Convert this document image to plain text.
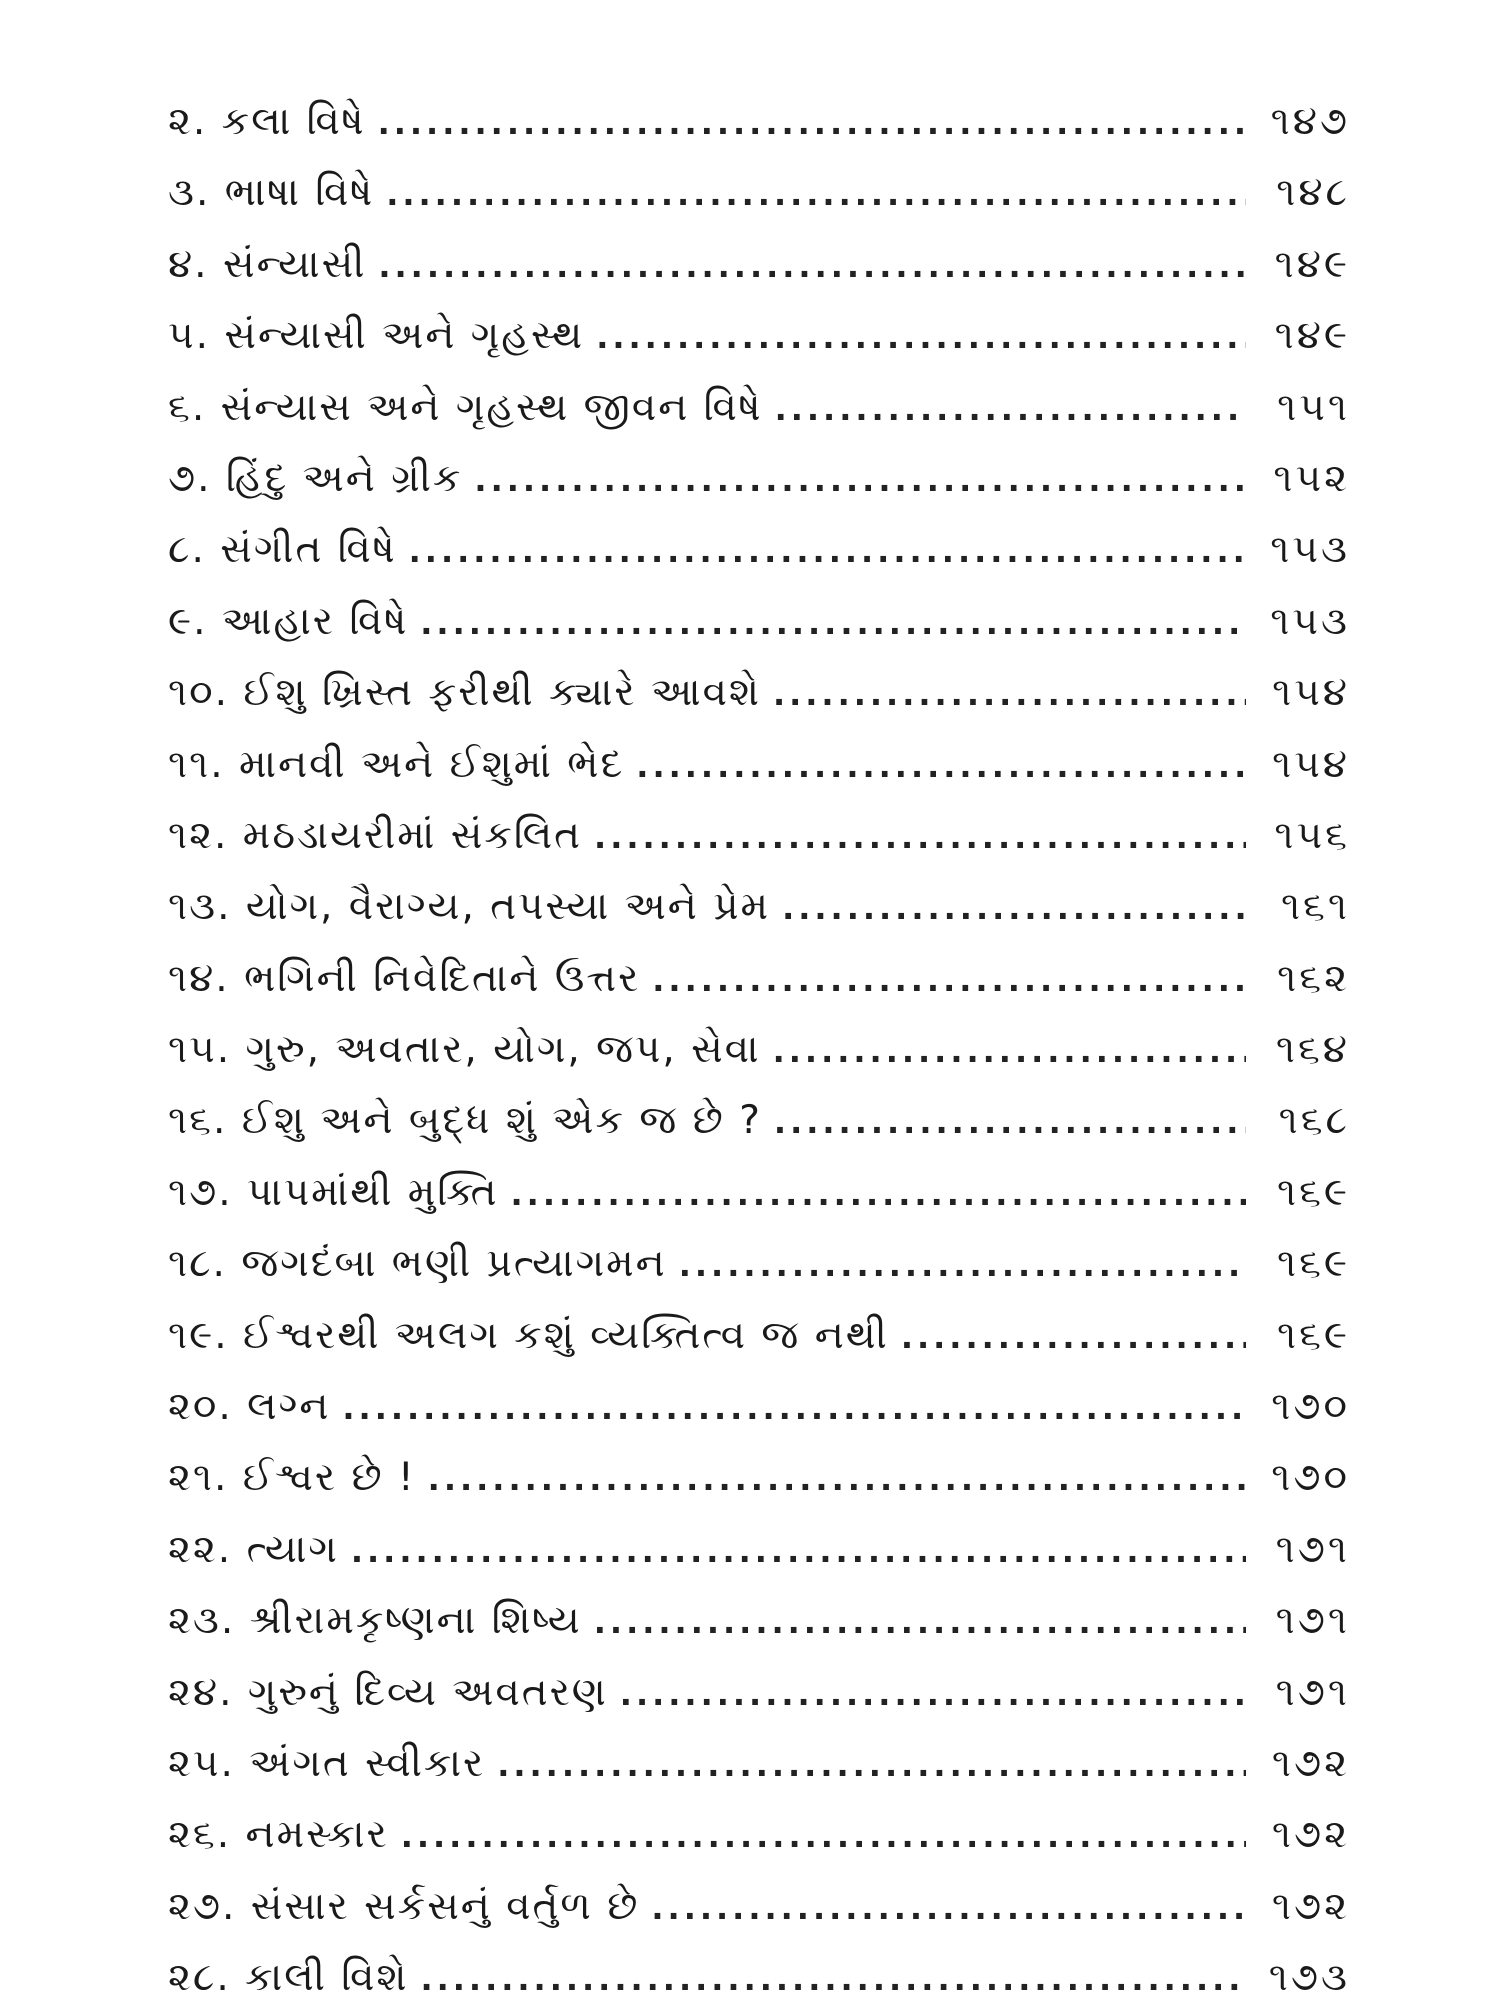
૨. કલા વિષે .....	૧૪૭
૩. ભાષા વિષે .....	૧૪૮
૪. સંન્યાસી .....	૧૪૯
૫. સંન્યાસી અને ગૃહસ્થ .....	૧૪૯
૬. સંન્યાસ અને ગૃહસ્થ જીવન વિષે .....	૧૫૧
૭. હિંદુ અને ગ્રીક .....	૧૫૨
૮. સંગીત વિષે .....	૧૫૩
૯. આહાર વિષે .....	૧૫૩
૧૦. ઈશુ ખ્રિસ્ત ફરીથી ક્યારે આવશે .....	૧૫૪
૧૧. માનવી અને ઈશુમાં ભેદ .....	૧૫૪
૧૨. મઠડાયરીમાં સંકલિત .....	૧૫૬
૧૩. યોગ, વૈરાગ્ય, તપસ્યા અને પ્રેમ .....	૧૬૧
૧૪. ભગિની નિવેદિતાને ઉત્તર .....	૧૬૨
૧૫. ગુરુ, અવતાર, યોગ, જપ, સેવા .....	૧૬૪
૧૬. ઈશુ અને બુદ્ધ શું એક જ છે ? .....	૧૬૮
૧૭. પાપમાંથી મુક્તિ .....	૧૬૯
૧૮. જગદંબા ભણી પ્રત્યાગમન .....	૧૬૯
૧૯. ઈશ્વરથી અલગ કશું વ્યક્તિત્વ જ નથી .....	૧૬૯
૨૦. લગ્ન .....	૧૭૦
૨૧. ઈશ્વર છે ! .....	૧૭૦
૨૨. ત્યાગ .....	૧૭૧
૨૩. શ્રીરામકૃષ્ણના શિષ્ય .....	૧૭૧
૨૪. ગુરુનું દિવ્ય અવતરણ .....	૧૭૧
૨૫. અંગત સ્વીકાર .....	૧૭૨
૨૬. નમસ્કાર .....	૧૭૨
૨૭. સંસાર સર્કસનું વર્તુળ છે .....	૧૭૨
૨૮. કાલી વિશે .....	૧૭૩
